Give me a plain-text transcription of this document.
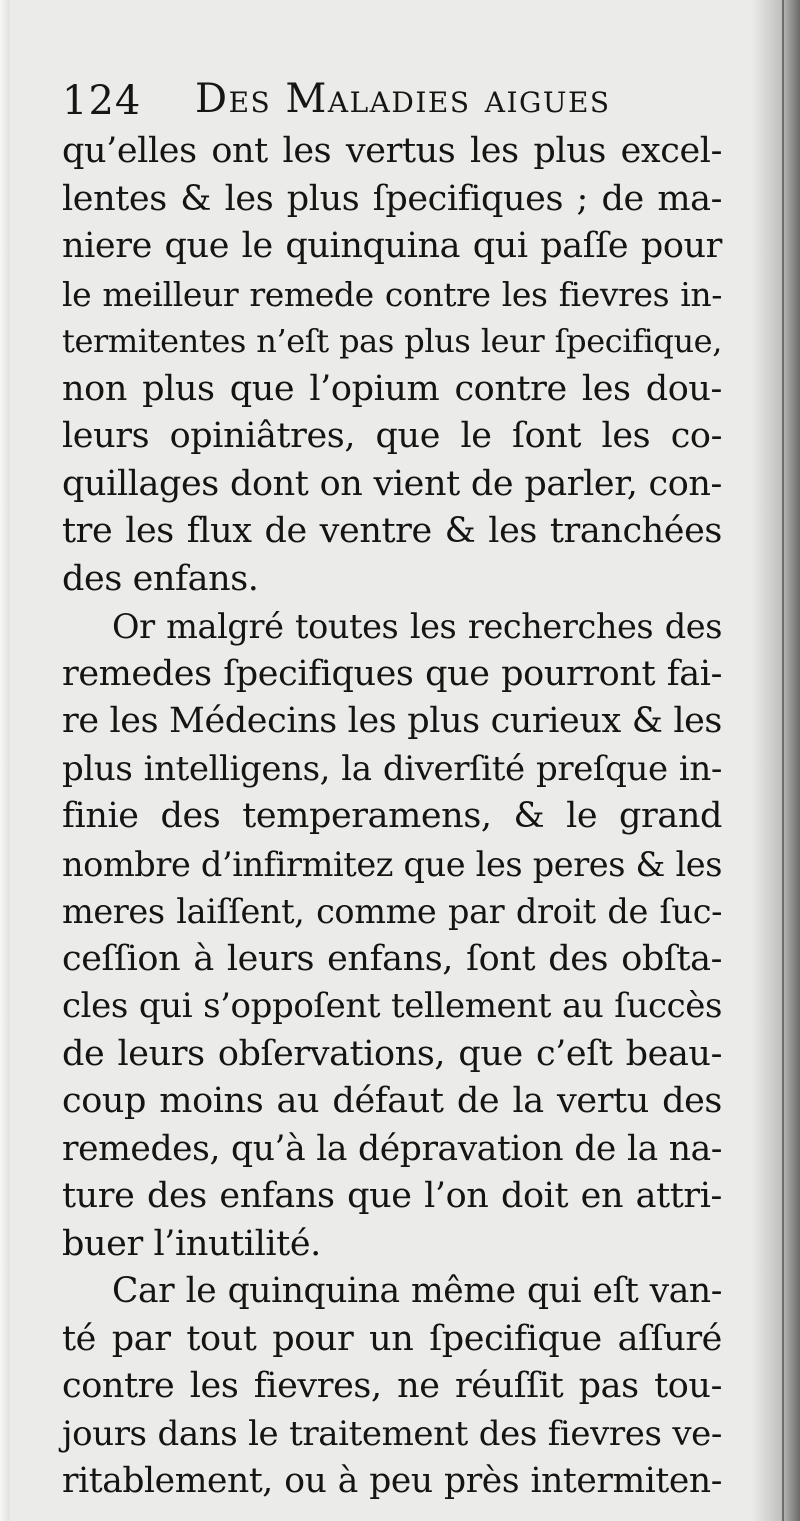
124 Des Maladies aigues
qu’elles ont les vertus les plus excel-
lentes & les plus ſpecifiques ; de ma-
niere que le quinquina qui paſſe pour
le meilleur remede contre les fievres in-
termitentes n’eſt pas plus leur ſpecifique,
non plus que l’opium contre les dou-
leurs opiniâtres, que le ſont les co-
quillages dont on vient de parler, con-
tre les flux de ventre & les tranchées
des enfans.
Or malgré toutes les recherches des
remedes ſpecifiques que pourront fai-
re les Médecins les plus curieux & les
plus intelligens, la diverſité preſque in-
finie des temperamens, & le grand
nombre d’infirmitez que les peres & les
meres laiſſent, comme par droit de ſuc-
ceſſion à leurs enfans, ſont des obſta-
cles qui s’oppoſent tellement au ſuccès
de leurs obſervations, que c’eſt beau-
coup moins au défaut de la vertu des
remedes, qu’à la dépravation de la na-
ture des enfans que l’on doit en attri-
buer l’inutilité.
Car le quinquina même qui eſt van-
té par tout pour un ſpecifique aſſuré
contre les fievres, ne réuſſit pas tou-
jours dans le traitement des fievres ve-
ritablement, ou à peu près intermiten-
